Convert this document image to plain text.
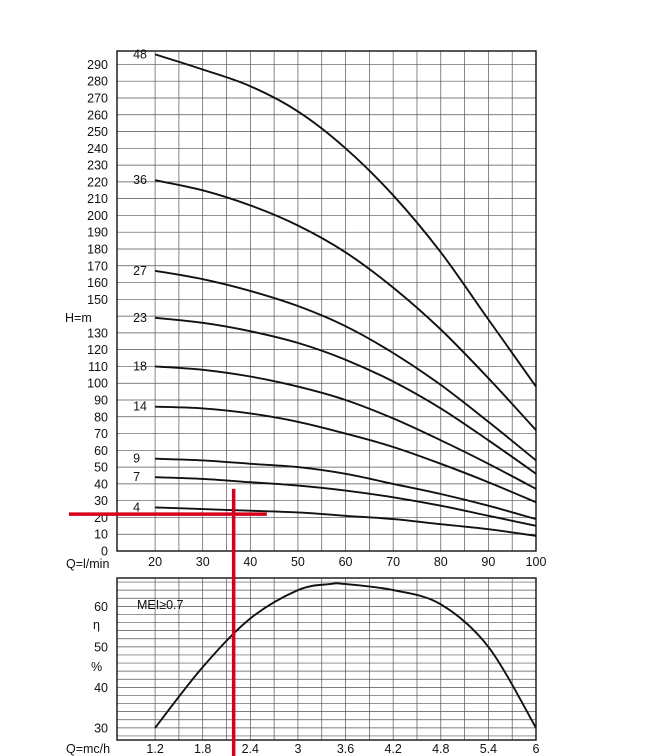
0
10
20
30
40
50
60
70
80
90
100
110
120
130
150
160
170
180
190
200
210
220
230
240
250
260
270
280
290
20	30	40	50	60	70	80	90 100
48
36
27
23
18
14
9
7
4
H=m
Q=l/min
30
40
50
60
1.2 1.8 2.4	3	3.6 4.2 4.8 5.4	6
η
%
MEI≥0.7
Q=mc/h
